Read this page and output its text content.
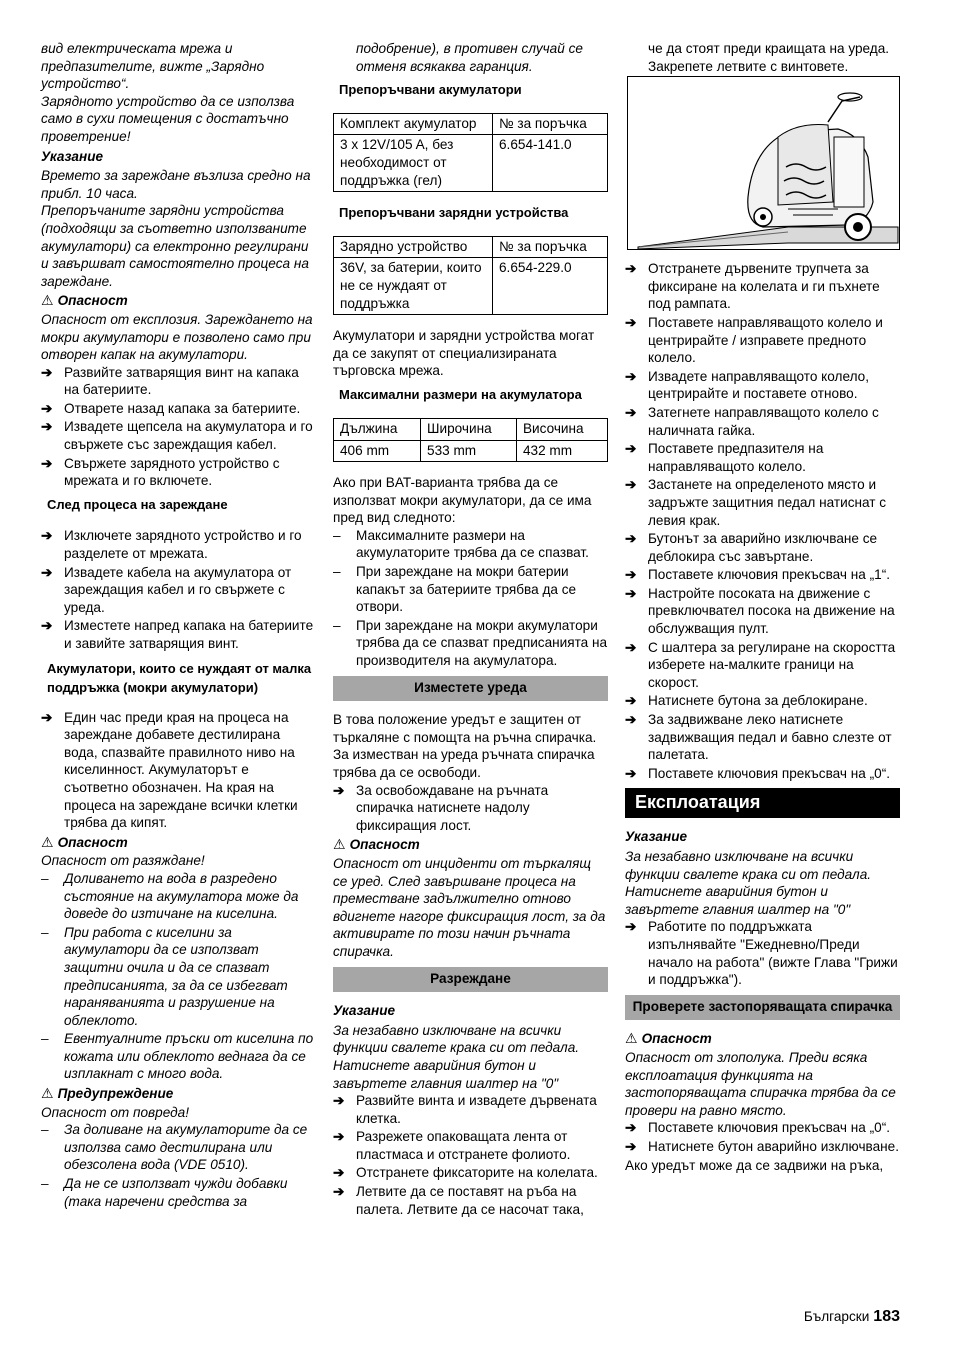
вид електрическата мрежа и предпазителите, вижте „Зарядно устройство“.

Зарядното устройство да се използва само в сухи помещения с достатъчно проветрение!

Указание

Времето за зареждане възлиза средно на прибл. 10 часа.

Препоръчаните зарядни устройства (подходящи за съответно използваните акумулатори) са електронно регулирани и завършват самостоятелно процеса на зареждане.

⚠ Опасност

Опасност от експлозия. Зареждането на мокри акумулатори е позволено само при отворен капак на акумулатори.

➔ Развийте затварящия винт на капака на батериите.
➔ Отварете назад капака за батериите.
➔ Извадете щепсела на акумулатора и го свържете със зареждащия кабел.
➔ Свържете зарядното устройство с мрежата и го включете.

След процеса на зареждане

➔ Изключете зарядното устройство и го разделете от мрежата.
➔ Извадете кабела на акумулатора от зареждащия кабел и го свържете с уреда.
➔ Изместете напред капака на батериите и завийте затварящия винт.

Акумулатори, които се нуждаят от малка поддръжка (мокри акумулатори)

➔ Един час преди края на процеса на зареждане добавете дестилирана вода, спазвайте правилното ниво на киселинност. Акумулаторът е съответно обозначен. На края на процеса на зареждане всички клетки трябва да кипят.

⚠ Опасност

Опасност от разяждане!

– Доливането на вода в разредено състояние на акумулатора може да доведе до изтичане на киселина.
– При работа с киселини за акумулатори да се използват защитни очила и да се спазват предписанията, за да се избегват нараняванията и разрушение на облеклото.
– Евентуалните пръски от киселина по кожата или облеклото веднага да се изплакнат с много вода.

⚠ Предупреждение

Опасност от повреда!

– За доливане на акумулаторите да се използва само дестилирана или обезсолена вода (VDE 0510).
– Да не се използват чужди добавки (така наречени средства за
подобрение), в противен случай се отменя всякаква гаранция.

Препоръчвани акумулатори

Комплект акумулатор	№ за поръчка
3 x 12V/105 A, без необходимост от поддръжка (гел)	6.654-141.0

Препоръчвани зарядни устройства

Зарядно устройство	№ за поръчка
36V, за батерии, които не се нуждаят от поддръжка	6.654-229.0

Акумулатори и зарядни устройства могат да се закупят от специализираната търговска мрежа.

Максимални размери на акумулатора

Дължина	Широчина	Височина
406 mm	533 mm	432 mm

Ако при BAT-варианта трябва да се използват мокри акумулатори, да се има пред вид следното:

– Максималните размери на акумулаторите трябва да се спазват.
– При зареждане на мокри батерии капакът за батериите трябва да се отвори.
– При зареждане на мокри акумулатори трябва да се спазват предписанията на производителя на акумулатора.
Изместете уреда

В това положение уредът е защитен от търкаляне с помощта на ръчна спирачка. За изместван на уреда ръчната спирачка трябва да се освободи.

➔ За освобождаване на ръчната спирачка натиснете надолу фиксиращия лост.

⚠ Опасност

Опасност от инциденти от търкалящ се уред. След завършване процеса на преместване задължително отново вдигнете нагоре фиксиращия лост, за да активирате по този начин ръчната спирачка.

Разреждане

Указание

За незабавно изключване на всички функции свалете крака си от педала. Натиснете аварийния бутон и завъртете главния шалтер на "0"

➔ Развийте винта и извадете дървената клетка.
➔ Разрежете опаковащата лента от пластмаса и отстранете фолиото.
➔ Отстранете фиксаторите на колелата.
➔ Летвите да се поставят на ръба на палета. Летвите да се насочат така,
че да стоят преди краищата на уреда. Закрепете летвите с винтовете.
➔ Отстранете дървените трупчета за фиксиране на колелата и ги пъхнете под рампата.
➔ Поставете направляващото колело и центрирайте / изправете предното колело.
➔ Извадете направляващото колело, центрирайте и поставете отново.
➔ Затегнете направляващото колело с наличната гайка.
➔ Поставете предпазителя на направляващото колело.
➔ Застанете на определеното място и задръжте защитния педал натиснат с левия крак.
➔ Бутонът за аварийно изключване се деблокира със завъртане.
➔ Поставете ключовия прекъсвач на „1“.
➔ Настройте посоката на движение с превключвател посока на движение на обслужващия пулт.
➔ С шалтера за регулиране на скоростта изберете на-малките граници на скорост.
➔ Натиснете бутона за деблокиране.
➔ За задвижване леко натиснете задвижващия педал и бавно слезте от палетата.
➔ Поставете ключовия прекъсвач на „0“.
Експлоатация

Указание

За незабавно изключване на всички функции свалете крака си от педала. Натиснете аварийния бутон и завъртете главния шалтер на "0"

➔ Работите по поддръжката изпълнявайте "Ежедневно/Преди начало на работа" (вижте Глава "Грижи и поддръжка").
Проверете застопоряващата спирачка

⚠ Опасност

Опасност от злополука. Преди всяка експлоатация функцията на застопоряващата спирачка трябва да се провери на равно място.

➔ Поставете ключовия прекъсвач на „0“.
➔ Натиснете бутон аварийно изключване.

Ако уредът може да се задвижи на ръка,

Български 183
